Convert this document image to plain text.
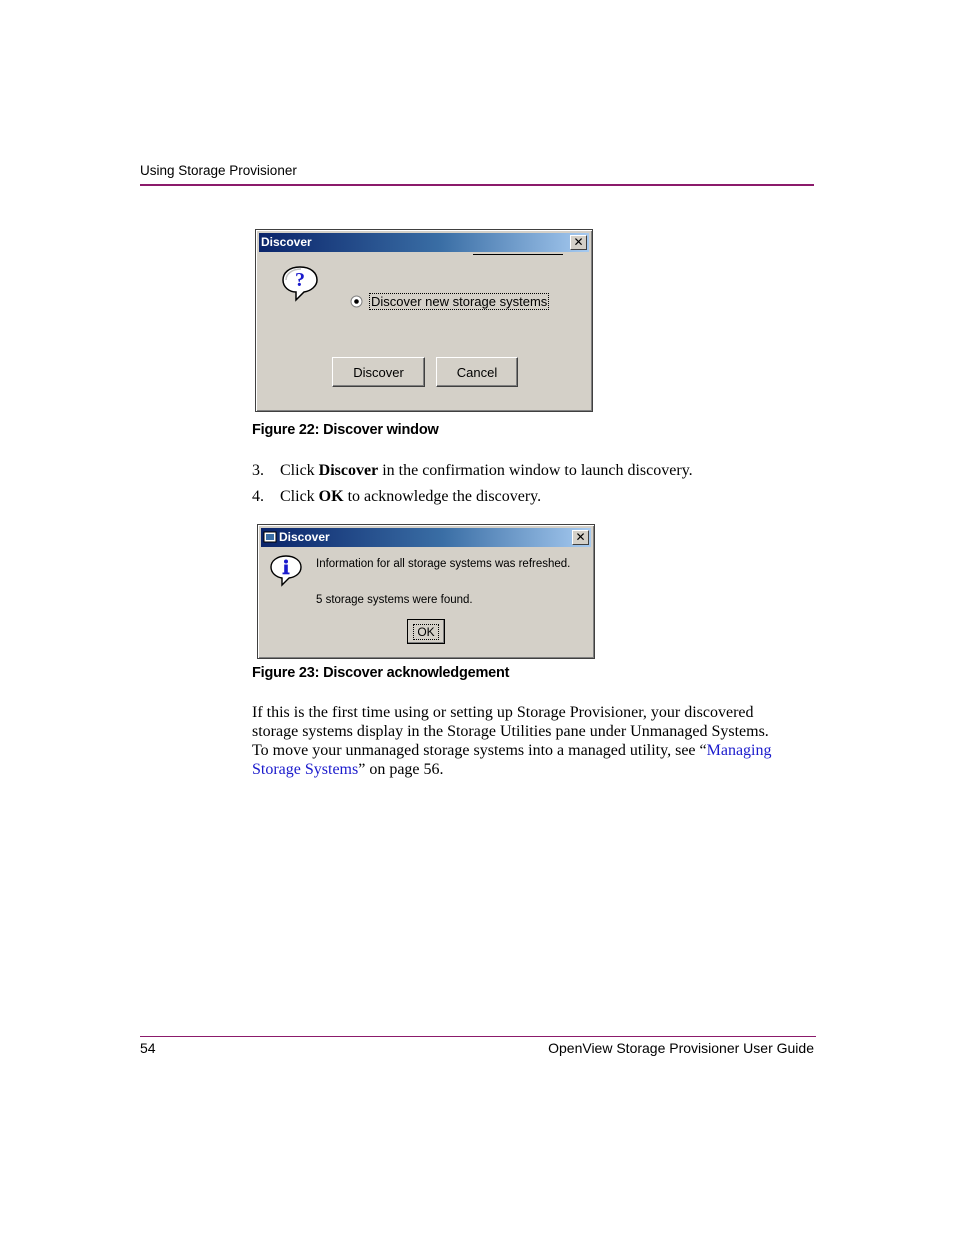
Using Storage Provisioner
Discover	✕
?
Discover new storage systems
Discover	Cancel
Figure 22: Discover window
3. Click Discover in the confirmation window to launch discovery.
4. Click OK to acknowledge the discovery.
Discover	✕
Information for all storage systems was refreshed.
5 storage systems were found.
OK
Figure 23: Discover acknowledgement
If this is the first time using or setting up Storage Provisioner, your discovered
storage systems display in the Storage Utilities pane under Unmanaged Systems.
To move your unmanaged storage systems into a managed utility, see “Managing
Storage Systems” on page 56.
54	OpenView Storage Provisioner User Guide
